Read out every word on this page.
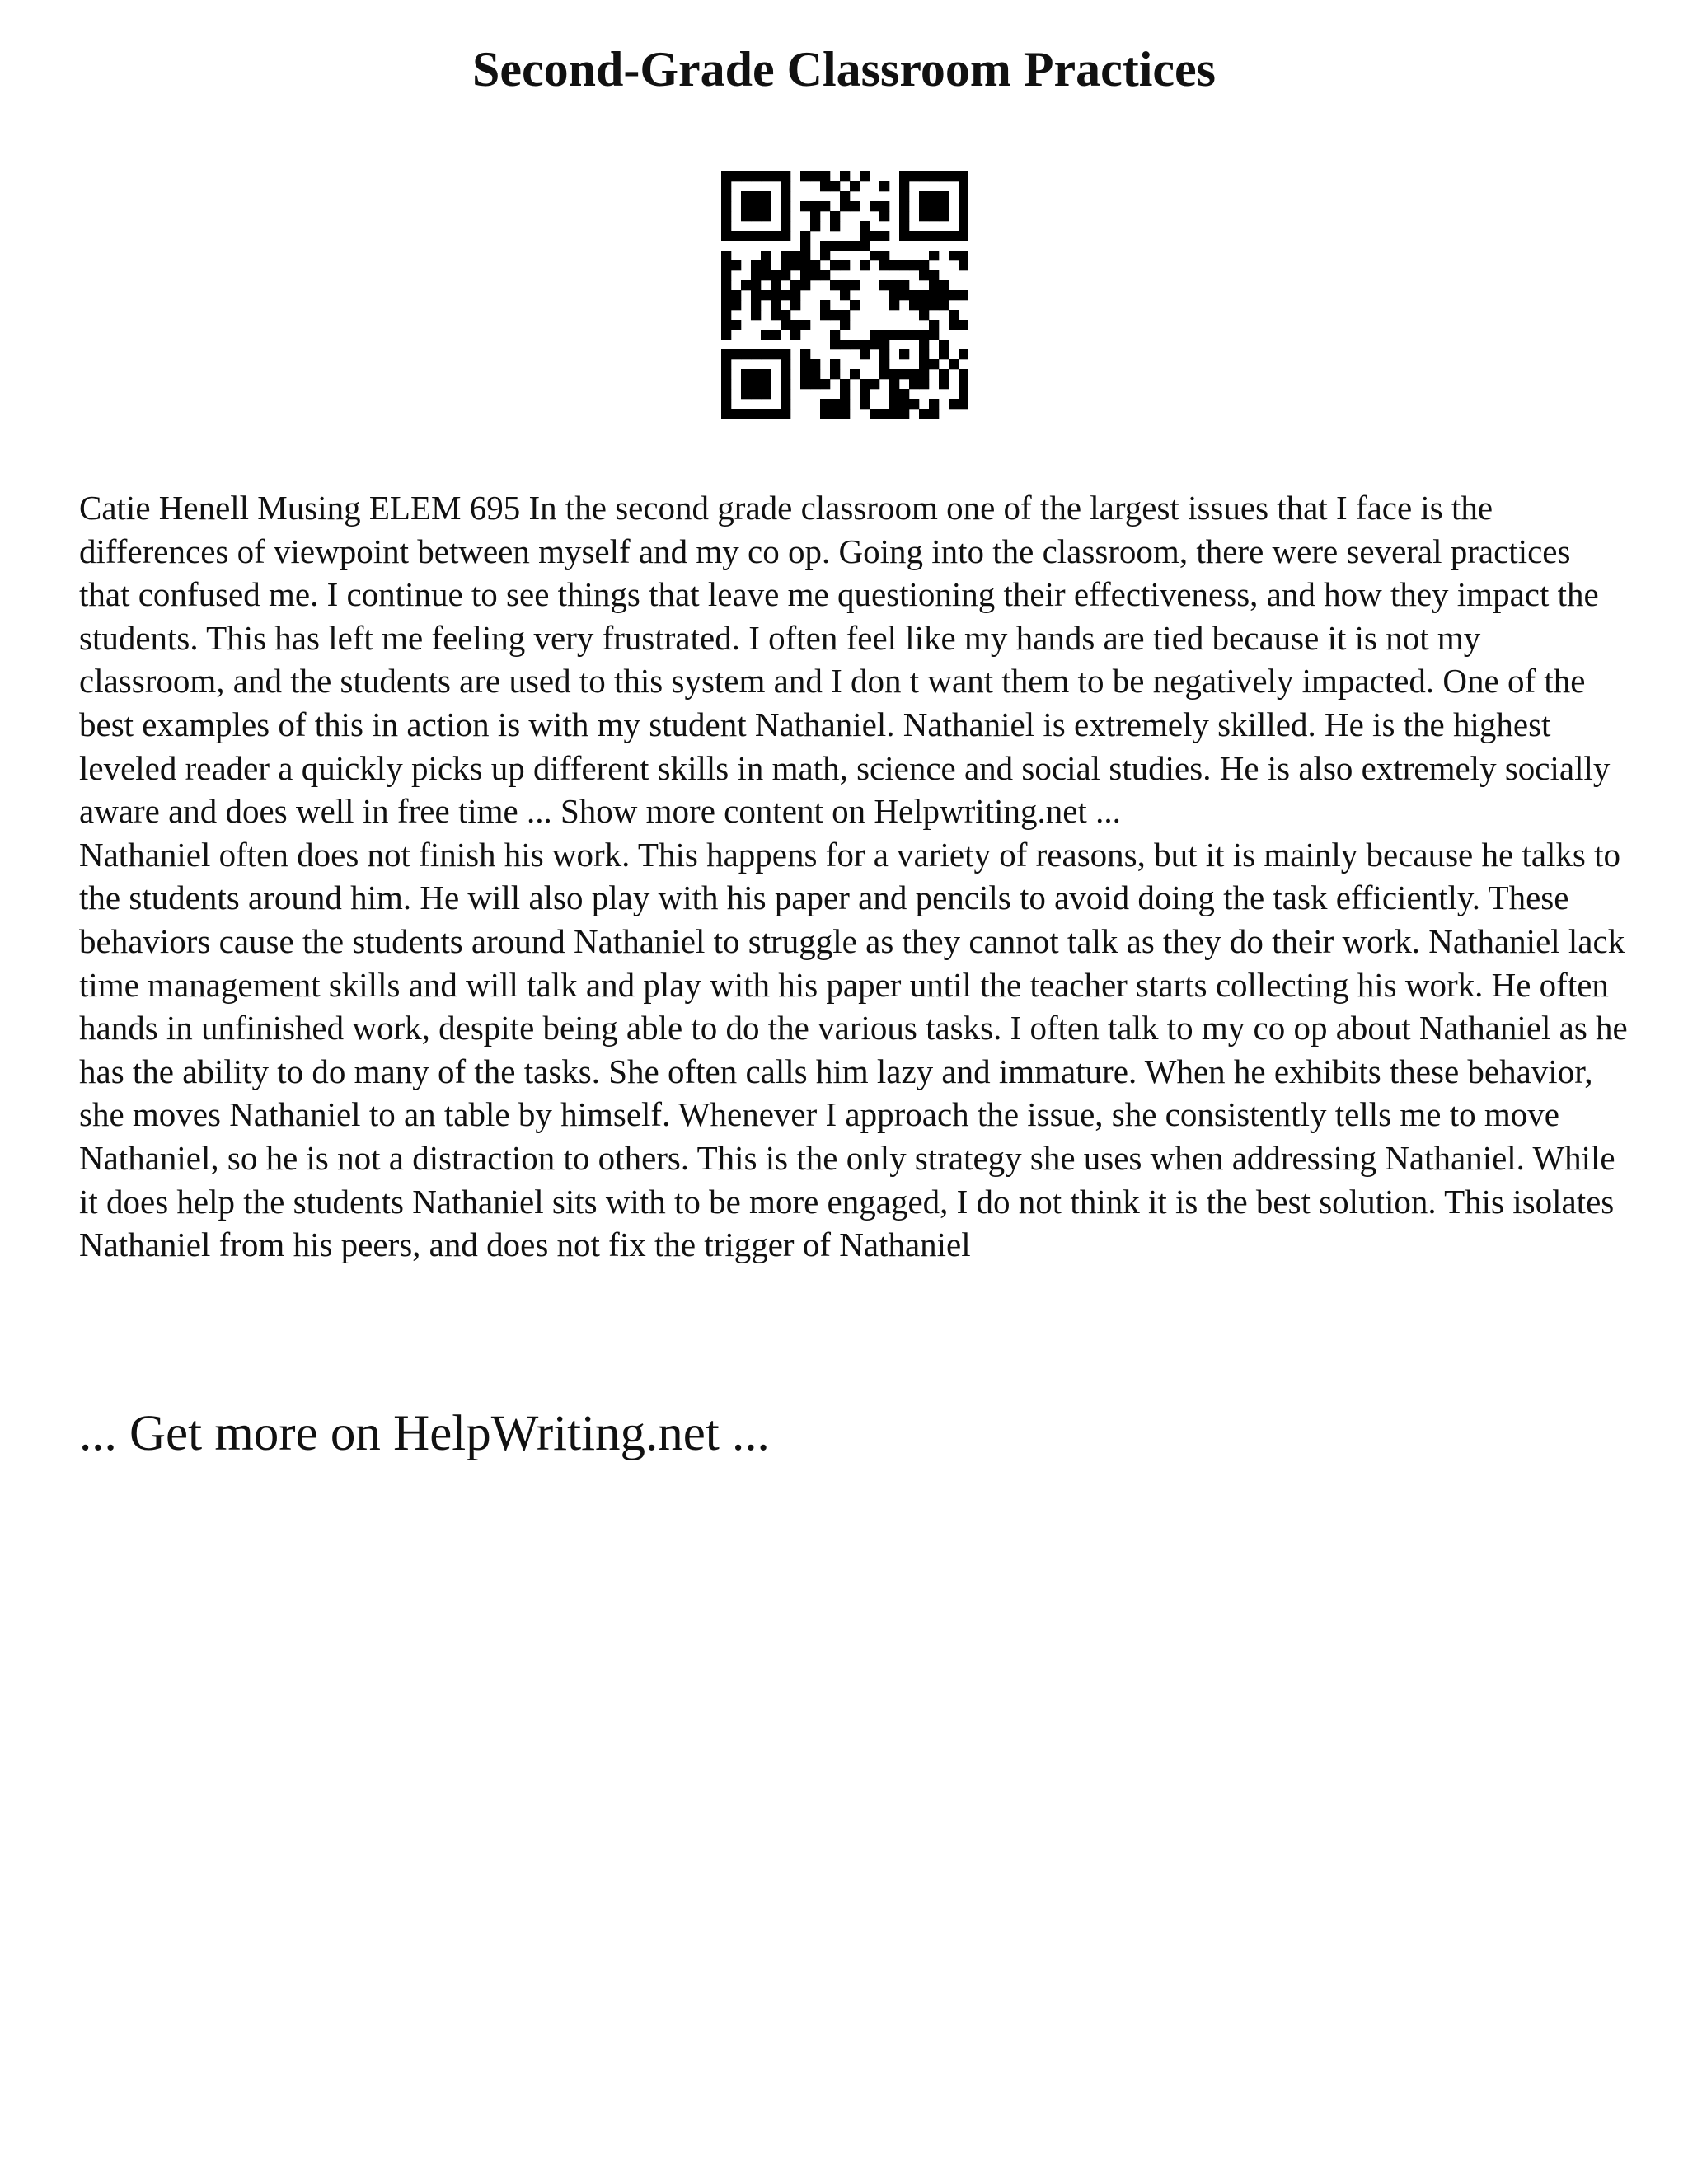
Second-Grade Classroom Practices

Catie Henell Musing ELEM 695 In the second grade classroom one of the largest issues that I face is the differences of viewpoint between myself and my co op. Going into the classroom, there were several practices that confused me. I continue to see things that leave me questioning their effectiveness, and how they impact the students. This has left me feeling very frustrated. I often feel like my hands are tied because it is not my classroom, and the students are used to this system and I don t want them to be negatively impacted. One of the best examples of this in action is with my student Nathaniel. Nathaniel is extremely skilled. He is the highest leveled reader a quickly picks up different skills in math, science and social studies. He is also extremely socially aware and does well in free time ... Show more content on Helpwriting.net ...

Nathaniel often does not finish his work. This happens for a variety of reasons, but it is mainly because he talks to the students around him. He will also play with his paper and pencils to avoid doing the task efficiently. These behaviors cause the students around Nathaniel to struggle as they cannot talk as they do their work. Nathaniel lack time management skills and will talk and play with his paper until the teacher starts collecting his work. He often hands in unfinished work, despite being able to do the various tasks. I often talk to my co op about Nathaniel as he has the ability to do many of the tasks. She often calls him lazy and immature. When he exhibits these behavior, she moves Nathaniel to an table by himself. Whenever I approach the issue, she consistently tells me to move Nathaniel, so he is not a distraction to others. This is the only strategy she uses when addressing Nathaniel. While it does help the students Nathaniel sits with to be more engaged, I do not think it is the best solution. This isolates Nathaniel from his peers, and does not fix the trigger of Nathaniel

... Get more on HelpWriting.net ...
